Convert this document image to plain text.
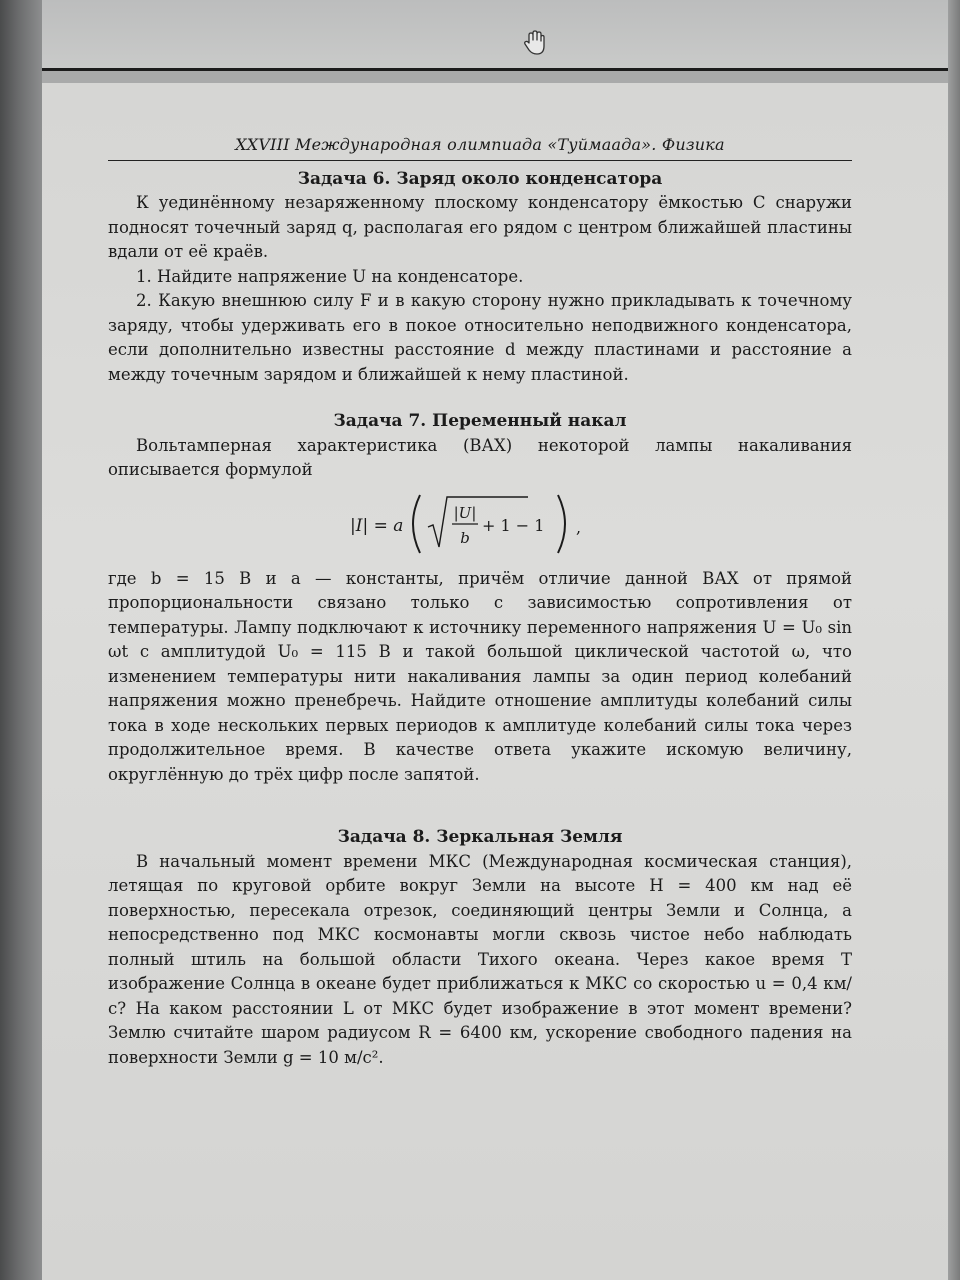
XXVIII Международная олимпиада «Туймаада». Физика
Задача 6. Заряд около конденсатора

К уединённому незаряженному плоскому конденсатору ёмкостью C снаружи подносят точечный заряд q, располагая его рядом с центром ближайшей пластины вдали от её краёв.

1. Найдите напряжение U на конденсаторе.

2. Какую внешнюю силу F и в какую сторону нужно прикладывать к точечному заряду, чтобы удерживать его в покое относительно неподвижного конденсатора, если дополнительно известны расстояние d между пластинами и расстояние a между точечным зарядом и ближайшей к нему пластиной.

Задача 7. Переменный накал

Вольтамперная характеристика (ВАХ) некоторой лампы накаливания описывается формулой

|I| = a
|U|
b
+ 1 − 1 ,

где b = 15 В и a — константы, причём отличие данной ВАХ от прямой пропорциональности связано только с зависимостью сопротивления от температуры. Лампу подключают к источнику переменного напряжения U = U₀ sin ωt с амплитудой U₀ = 115 В и такой большой циклической частотой ω, что изменением температуры нити накаливания лампы за один период колебаний напряжения можно пренебречь. Найдите отношение амплитуды колебаний силы тока в ходе нескольких первых периодов к амплитуде колебаний силы тока через продолжительное время. В качестве ответа укажите искомую величину, округлённую до трёх цифр после запятой.

Задача 8. Зеркальная Земля

В начальный момент времени МКС (Международная космическая станция), летящая по круговой орбите вокруг Земли на высоте H = 400 км над её поверхностью, пересекала отрезок, соединяющий центры Земли и Солнца, а непосредственно под МКС космонавты могли сквозь чистое небо наблюдать полный штиль на большой области Тихого океана. Через какое время T изображение Солнца в океане будет приближаться к МКС со скоростью u = 0,4 км/с? На каком расстоянии L от МКС будет изображение в этот момент времени? Землю считайте шаром радиусом R = 6400 км, ускорение свободного падения на поверхности Земли g = 10 м/с².
